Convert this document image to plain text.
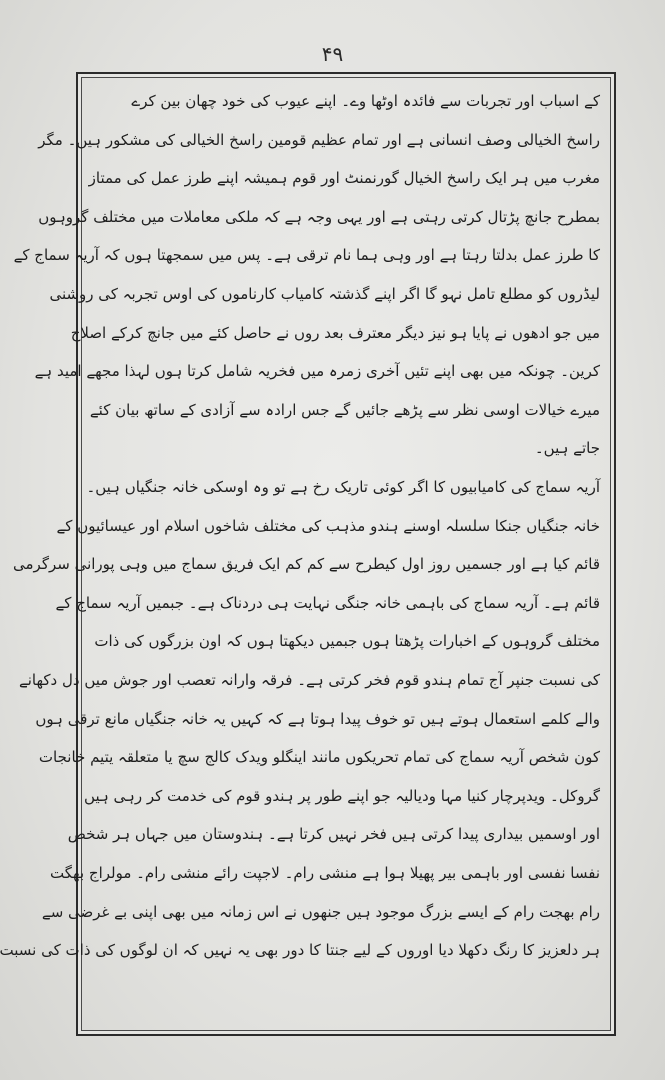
۴۹
کے اسباب اور تجربات سے فائدہ اوٹھا وے۔ اپنے عیوب کی خود چھان بین کرے
راسخ الخیالی وصف انسانی ہے اور تمام عظیم قومین راسخ الخیالی کی مشکور ہیں۔ مگر
مغرب میں ہر ایک راسخ الخیال گورنمنٹ اور قوم ہمیشہ اپنے طرز عمل کی ممتاز
بمطرح جانچ پڑتال کرتی رہتی ہے اور یہی وجہ ہے کہ ملکی معاملات میں مختلف گروہوں
کا طرز عمل بدلتا رہتا ہے اور وہی ہما نام ترقی ہے۔ پس میں سمجھتا ہوں کہ آریہ سماج کے
لیڈروں کو مطلع تامل نہو گا اگر اپنے گذشتہ کامیاب کارناموں کی اوس تجربہ کی روشنی
میں جو ادھوں نے پایا ہو نیز دیگر معترف بعد روں نے حاصل کئے میں جانچ کرکے اصلاح
کرین۔ چونکہ میں بھی اپنے تئیں آخری زمرہ میں فخریہ شامل کرتا ہوں لہذا مجھے امید ہے
میرے خیالات اوسی نظر سے پڑھے جائیں گے جس ارادہ سے آزادی کے ساتھ بیان کئے
جاتے ہیں۔
آریہ سماج کی کامیابیوں کا اگر کوئی تاریک رخ ہے تو وہ اوسکی خانہ جنگیاں ہیں۔
خانہ جنگیاں جنکا سلسلہ اوسنے ہندو مذہب کی مختلف شاخوں اسلام اور عیسائیوں کے
قائم کیا ہے اور جسمیں روز اول کیطرح سے کم کم ایک فریق سماج میں وہی پورانی سرگرمی
قائم ہے۔ آریہ سماج کی باہمی خانہ جنگی نہایت ہی دردناک ہے۔ جبمیں آریہ سماج کے
مختلف گروہوں کے اخبارات پڑھتا ہوں جبمیں دیکھتا ہوں کہ اون بزرگوں کی ذات
کی نسبت جنپر آج تمام ہندو قوم فخر کرتی ہے۔ فرقہ وارانہ تعصب اور جوش میں دل دکھانے
والے کلمے استعمال ہوتے ہیں تو خوف پیدا ہوتا ہے کہ کہیں یہ خانہ جنگیاں مانع ترقی ہوں
کون شخص آریہ سماج کی تمام تحریکوں مانند اینگلو ویدک کالج سچ یا متعلقہ یتیم خانجات
گروکل۔ ویدپرچار کنیا مہا ودیالیہ جو اپنے طور پر ہندو قوم کی خدمت کر رہی ہیں
اور اوسمیں بیداری پیدا کرتی ہیں فخر نہیں کرتا ہے۔ ہندوستان میں جہاں ہر شخص
نفسا نفسی اور باہمی بیر پھیلا ہوا ہے منشی رام۔ لاجپت رائے منشی رام۔ مولراج بھگت
رام بھجت رام کے ایسے بزرگ موجود ہیں جنھوں نے اس زمانہ میں بھی اپنی بے غرضی سے
ہر دلعزیز کا رنگ دکھلا دیا اوروں کے لیے جنتا کا دور بھی یہ نہیں کہ ان لوگوں کی ذات کی نسبت
